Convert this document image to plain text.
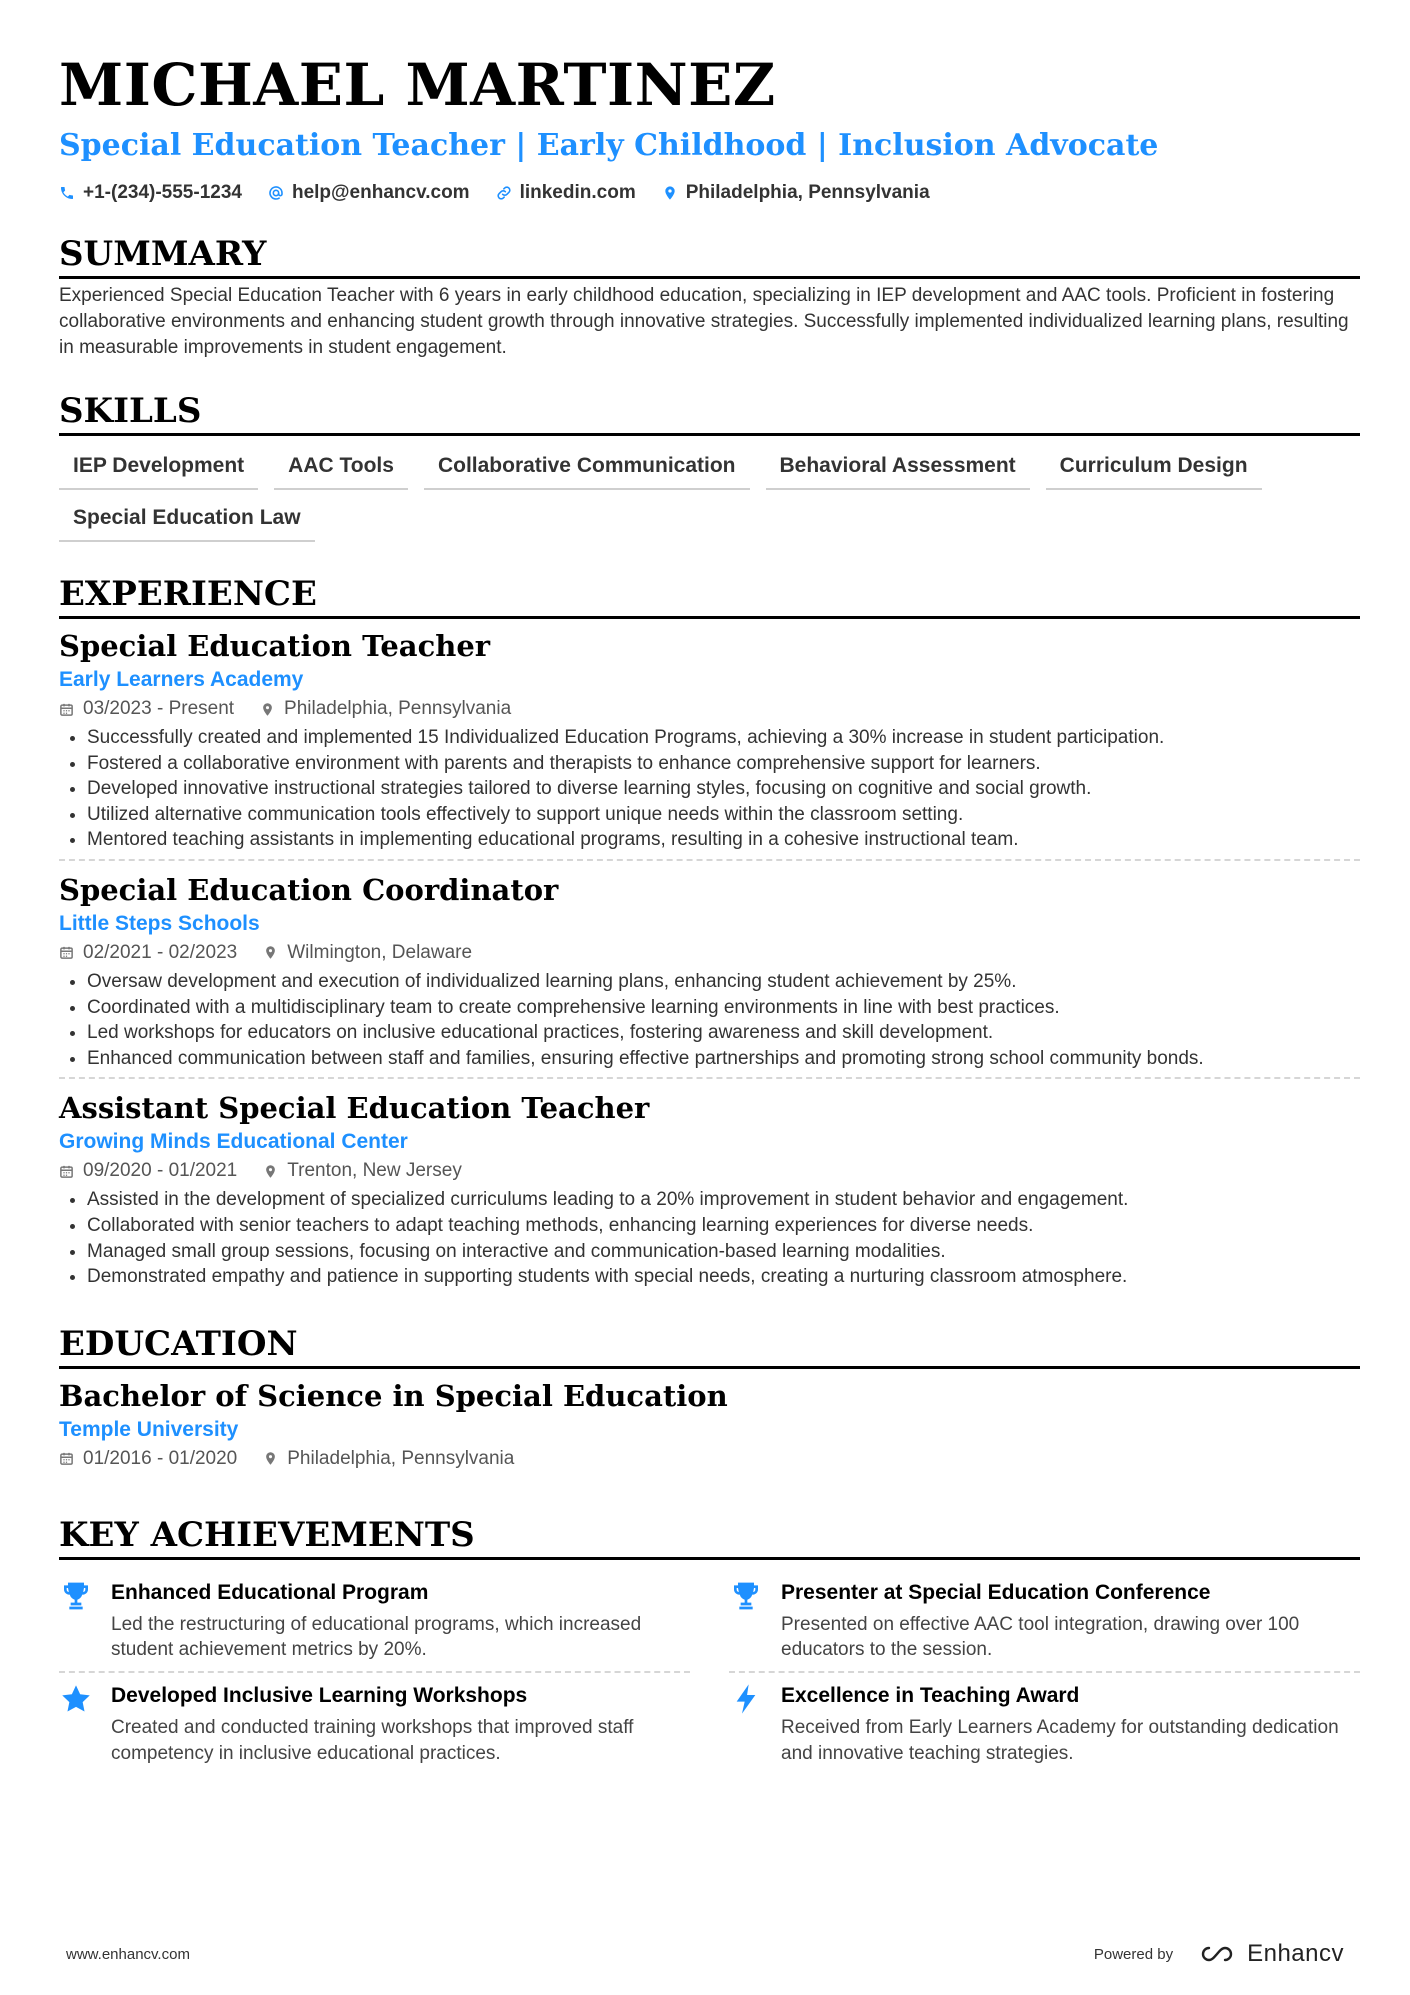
MICHAEL MARTINEZ
Special Education Teacher | Early Childhood | Inclusion Advocate
+1-(234)-555-1234	help@enhancv.com	linkedin.com	Philadelphia, Pennsylvania
SUMMARY

Experienced Special Education Teacher with 6 years in early childhood education, specializing in IEP development and AAC tools. Proficient in fostering collaborative environments and enhancing student growth through innovative strategies. Successfully implemented individualized learning plans, resulting in measurable improvements in student engagement.

SKILLS
IEP Development	AAC Tools	Collaborative Communication	Behavioral Assessment	Curriculum Design
Special Education Law
EXPERIENCE
Special Education Teacher
Early Learners Academy
03/2023 - Present	Philadelphia, Pennsylvania
• Successfully created and implemented 15 Individualized Education Programs, achieving a 30% increase in student participation.
• Fostered a collaborative environment with parents and therapists to enhance comprehensive support for learners.
• Developed innovative instructional strategies tailored to diverse learning styles, focusing on cognitive and social growth.
• Utilized alternative communication tools effectively to support unique needs within the classroom setting.
• Mentored teaching assistants in implementing educational programs, resulting in a cohesive instructional team.
Special Education Coordinator
Little Steps Schools
02/2021 - 02/2023	Wilmington, Delaware
• Oversaw development and execution of individualized learning plans, enhancing student achievement by 25%.
• Coordinated with a multidisciplinary team to create comprehensive learning environments in line with best practices.
• Led workshops for educators on inclusive educational practices, fostering awareness and skill development.
• Enhanced communication between staff and families, ensuring effective partnerships and promoting strong school community bonds.
Assistant Special Education Teacher
Growing Minds Educational Center
09/2020 - 01/2021	Trenton, New Jersey
• Assisted in the development of specialized curriculums leading to a 20% improvement in student behavior and engagement.
• Collaborated with senior teachers to adapt teaching methods, enhancing learning experiences for diverse needs.
• Managed small group sessions, focusing on interactive and communication-based learning modalities.
• Demonstrated empathy and patience in supporting students with special needs, creating a nurturing classroom atmosphere.
EDUCATION
Bachelor of Science in Special Education
Temple University
01/2016 - 01/2020	Philadelphia, Pennsylvania
KEY ACHIEVEMENTS
Enhanced Educational Program
Led the restructuring of educational programs, which increased student achievement metrics by 20%.
Presenter at Special Education Conference
Presented on effective AAC tool integration, drawing over 100 educators to the session.
Developed Inclusive Learning Workshops
Created and conducted training workshops that improved staff competency in inclusive educational practices.
Excellence in Teaching Award
Received from Early Learners Academy for outstanding dedication and innovative teaching strategies.
www.enhancv.com	Powered by	Enhancv
